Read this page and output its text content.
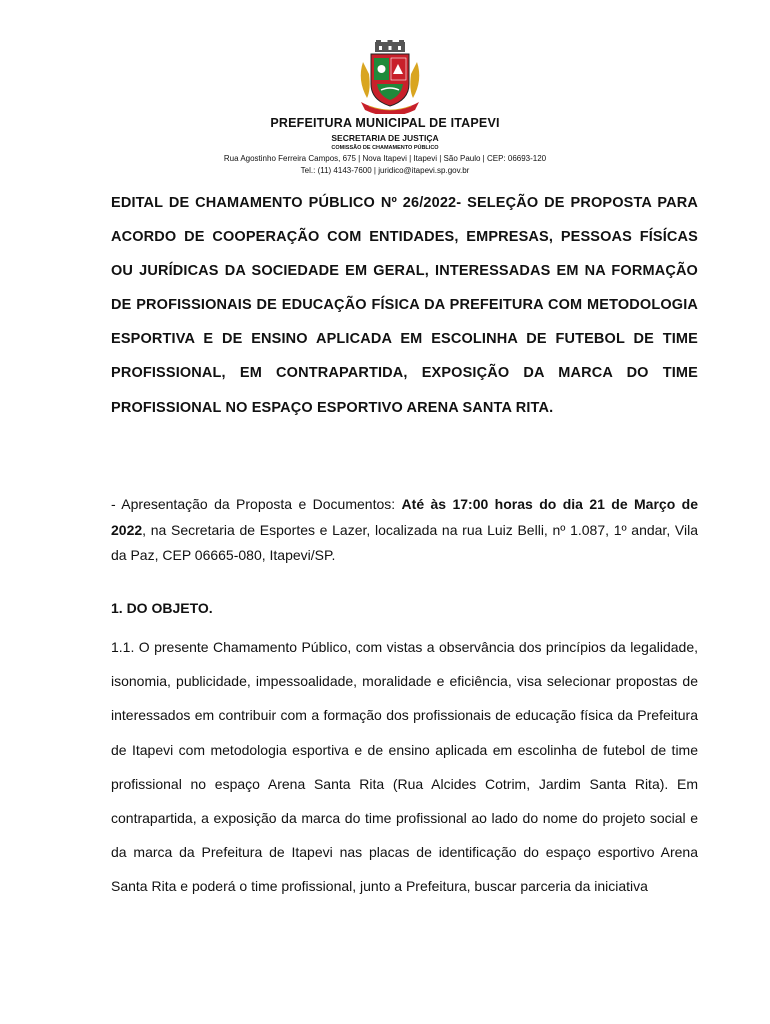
PREFEITURA MUNICIPAL DE ITAPEVI
SECRETARIA DE JUSTIÇA
COMISSÃO DE CHAMAMENTO PÚBLICO
Rua Agostinho Ferreira Campos, 675 | Nova Itapevi | Itapevi | São Paulo | CEP: 06693-120
Tel.: (11) 4143-7600 | juridico@itapevi.sp.gov.br
EDITAL DE CHAMAMENTO PÚBLICO Nº 26/2022- SELEÇÃO DE PROPOSTA PARA ACORDO DE COOPERAÇÃO COM ENTIDADES, EMPRESAS, PESSOAS FÍSÍCAS OU JURÍDICAS DA SOCIEDADE EM GERAL, INTERESSADAS EM NA FORMAÇÃO DE PROFISSIONAIS DE EDUCAÇÃO FÍSICA DA PREFEITURA COM METODOLOGIA ESPORTIVA E DE ENSINO APLICADA EM ESCOLINHA DE FUTEBOL DE TIME PROFISSIONAL, EM CONTRAPARTIDA, EXPOSIÇÃO DA MARCA DO TIME PROFISSIONAL NO ESPAÇO ESPORTIVO ARENA SANTA RITA.
- Apresentação da Proposta e Documentos: Até às 17:00 horas do dia 21 de Março de 2022, na Secretaria de Esportes e Lazer, localizada na rua Luiz Belli, nº 1.087, 1º andar, Vila da Paz, CEP 06665-080, Itapevi/SP.
1. DO OBJETO.
1.1. O presente Chamamento Público, com vistas a observância dos princípios da legalidade, isonomia, publicidade, impessoalidade, moralidade e eficiência, visa selecionar propostas de interessados em contribuir com a formação dos profissionais de educação física da Prefeitura de Itapevi com metodologia esportiva e de ensino aplicada em escolinha de futebol de time profissional no espaço Arena Santa Rita (Rua Alcides Cotrim, Jardim Santa Rita). Em contrapartida, a exposição da marca do time profissional ao lado do nome do projeto social e da marca da Prefeitura de Itapevi nas placas de identificação do espaço esportivo Arena Santa Rita e poderá o time profissional, junto a Prefeitura, buscar parceria da iniciativa
